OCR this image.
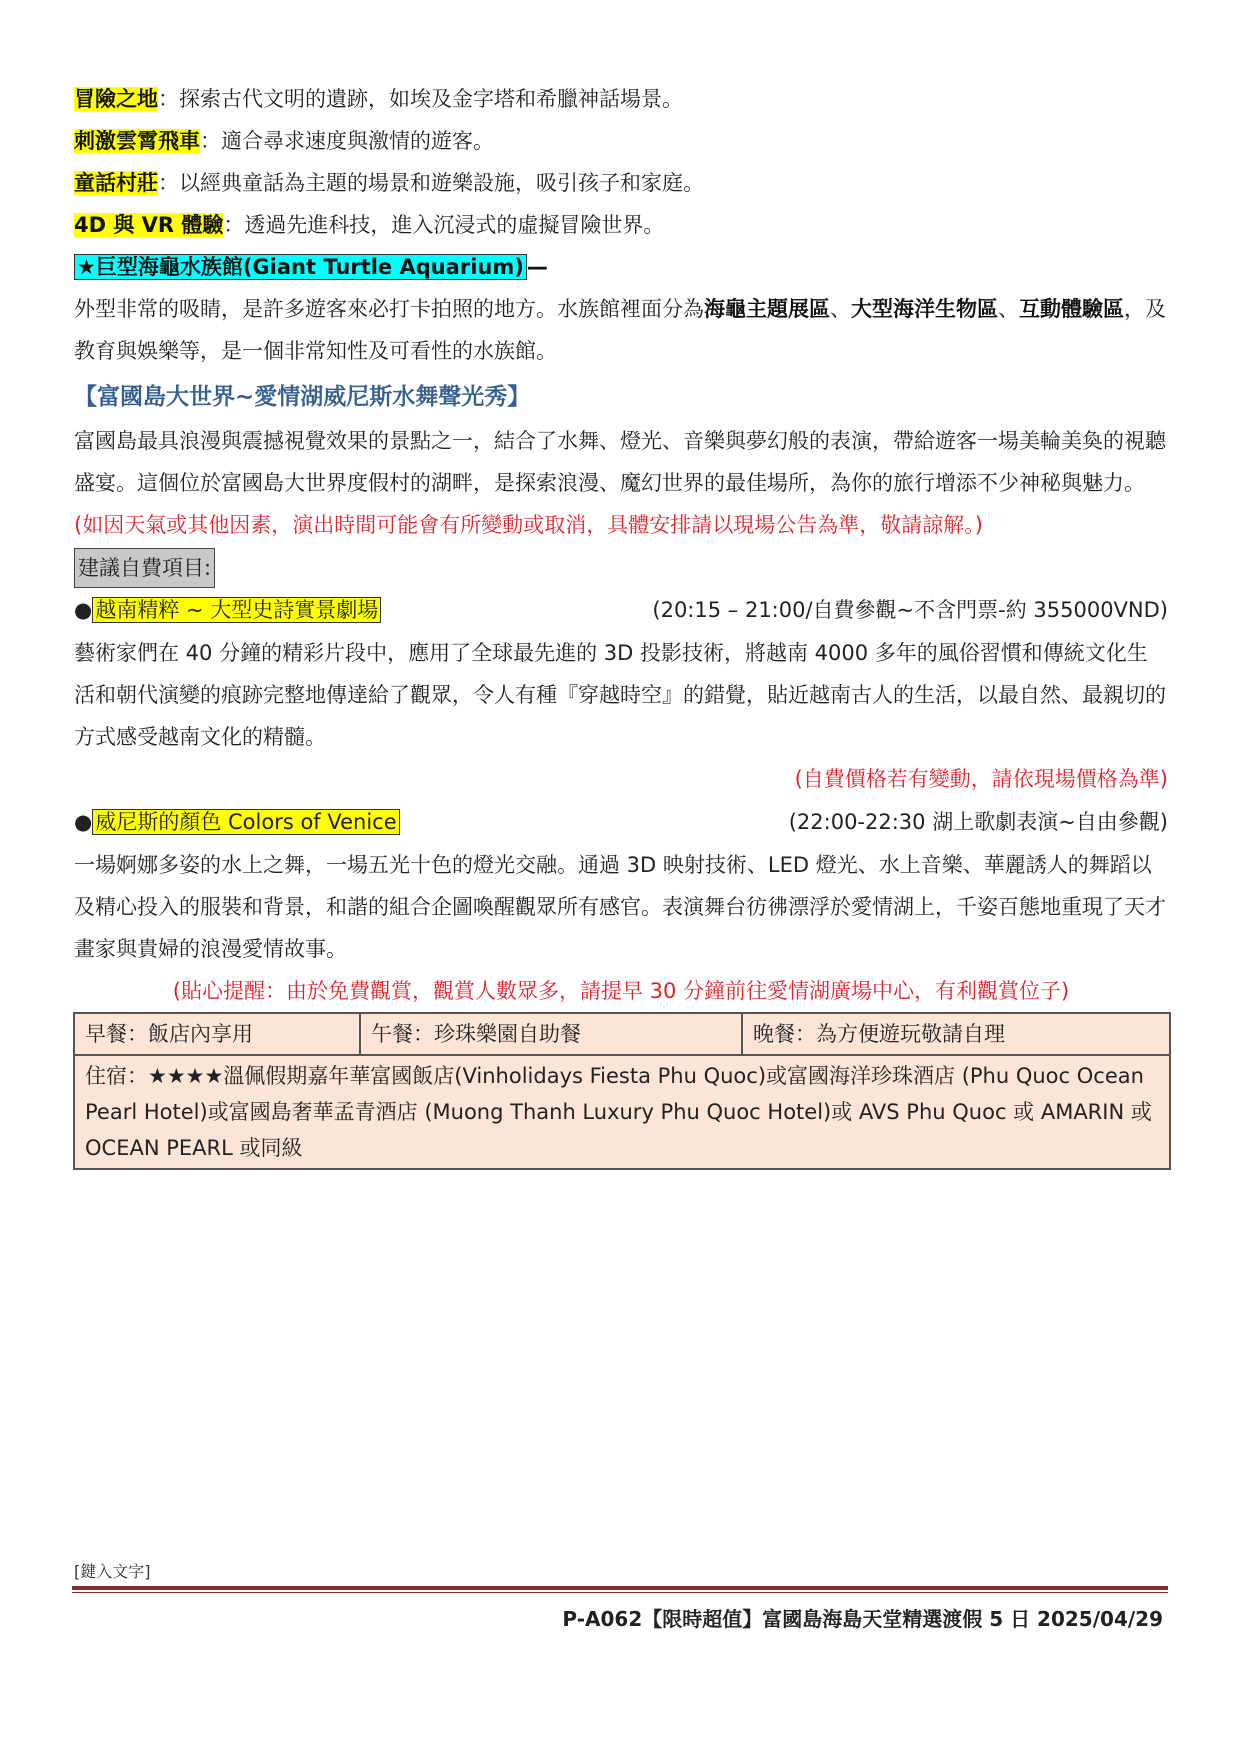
冒險之地：探索古代文明的遺跡，如埃及金字塔和希臘神話場景。
刺激雲霄飛車：適合尋求速度與激情的遊客。
童話村莊：以經典童話為主題的場景和遊樂設施，吸引孩子和家庭。
4D 與 VR 體驗：透過先進科技，進入沉浸式的虛擬冒險世界。
★巨型海龜水族館(Giant Turtle Aquarium) —
外型非常的吸睛，是許多遊客來必打卡拍照的地方。水族館裡面分為海龜主題展區、大型海洋生物區、互動體驗區，及教育與娛樂等，是一個非常知性及可看性的水族館。
【富國島大世界~愛情湖威尼斯水舞聲光秀】
富國島最具浪漫與震撼視覺效果的景點之一，結合了水舞、燈光、音樂與夢幻般的表演，帶給遊客一場美輪美奐的視聽盛宴。這個位於富國島大世界度假村的湖畔，是探索浪漫、魔幻世界的最佳場所，為你的旅行增添不少神秘與魅力。
(如因天氣或其他因素，演出時間可能會有所變動或取消，具體安排請以現場公告為準，敬請諒解。)
建議自費項目:
● 越南精粹 ~ 大型史詩實景劇場	(20:15 – 21:00/自費參觀~不含門票-約 355000VND)
藝術家們在 40 分鐘的精彩片段中，應用了全球最先進的 3D 投影技術，將越南 4000 多年的風俗習慣和傳統文化生活和朝代演變的痕跡完整地傳達給了觀眾，令人有種『穿越時空』的錯覺，貼近越南古人的生活，以最自然、最親切的方式感受越南文化的精髓。
(自費價格若有變動，請依現場價格為準)
● 威尼斯的顏色 Colors of Venice	(22:00-22:30 湖上歌劇表演~自由參觀)
一場婀娜多姿的水上之舞，一場五光十色的燈光交融。通過 3D 映射技術、LED 燈光、水上音樂、華麗誘人的舞蹈以及精心投入的服裝和背景，和諧的組合企圖喚醒觀眾所有感官。表演舞台彷彿漂浮於愛情湖上，千姿百態地重現了天才畫家與貴婦的浪漫愛情故事。
(貼心提醒：由於免費觀賞，觀賞人數眾多，請提早 30 分鐘前往愛情湖廣場中心，有利觀賞位子)
早餐：飯店內享用	午餐：珍珠樂園自助餐	晚餐：為方便遊玩敬請自理
住宿：★★★★溫佩假期嘉年華富國飯店(Vinholidays Fiesta Phu Quoc)或富國海洋珍珠酒店 (Phu Quoc Ocean Pearl Hotel)或富國島奢華孟青酒店 (Muong Thanh Luxury Phu Quoc Hotel)或 AVS Phu Quoc 或 AMARIN 或 OCEAN PEARL 或同級
[鍵入文字]
P-A062【限時超值】富國島海島天堂精選渡假 5 日 2025/04/29
